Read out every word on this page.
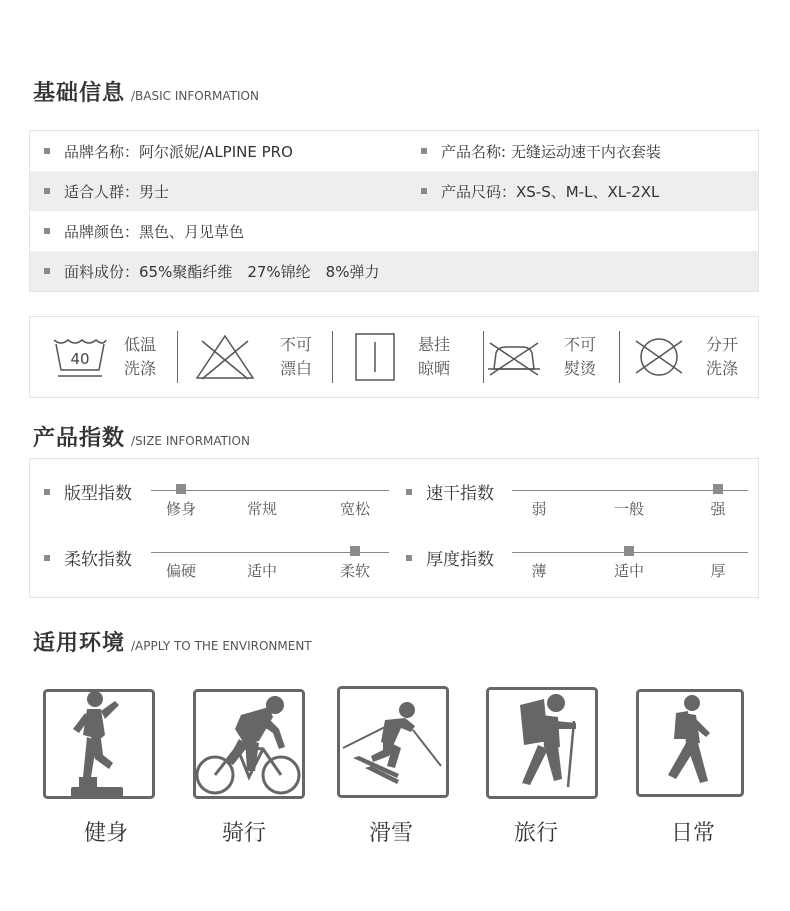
基础信息 /BASIC INFORMATION
品牌名称：阿尔派妮/ALPINE PRO	产品名称: 无缝运动速干内衣套装
适合人群：男士	产品尺码：XS-S、M-L、XL-2XL
品牌颜色：黑色、月见草色
面料成份：65%聚酯纤维　27%锦纶　8%弹力
40
低温
洗涤
不可
漂白
悬挂
晾晒
不可
熨烫
分开
洗涤
产品指数 /SIZE INFORMATION
版型指数
修身	常规	宽松
速干指数
弱	一般	强
柔软指数
偏硬	适中	柔软
厚度指数
薄	适中	厚
适用环境 /APPLY TO THE ENVIRONMENT
健身	骑行	滑雪	旅行	日常
